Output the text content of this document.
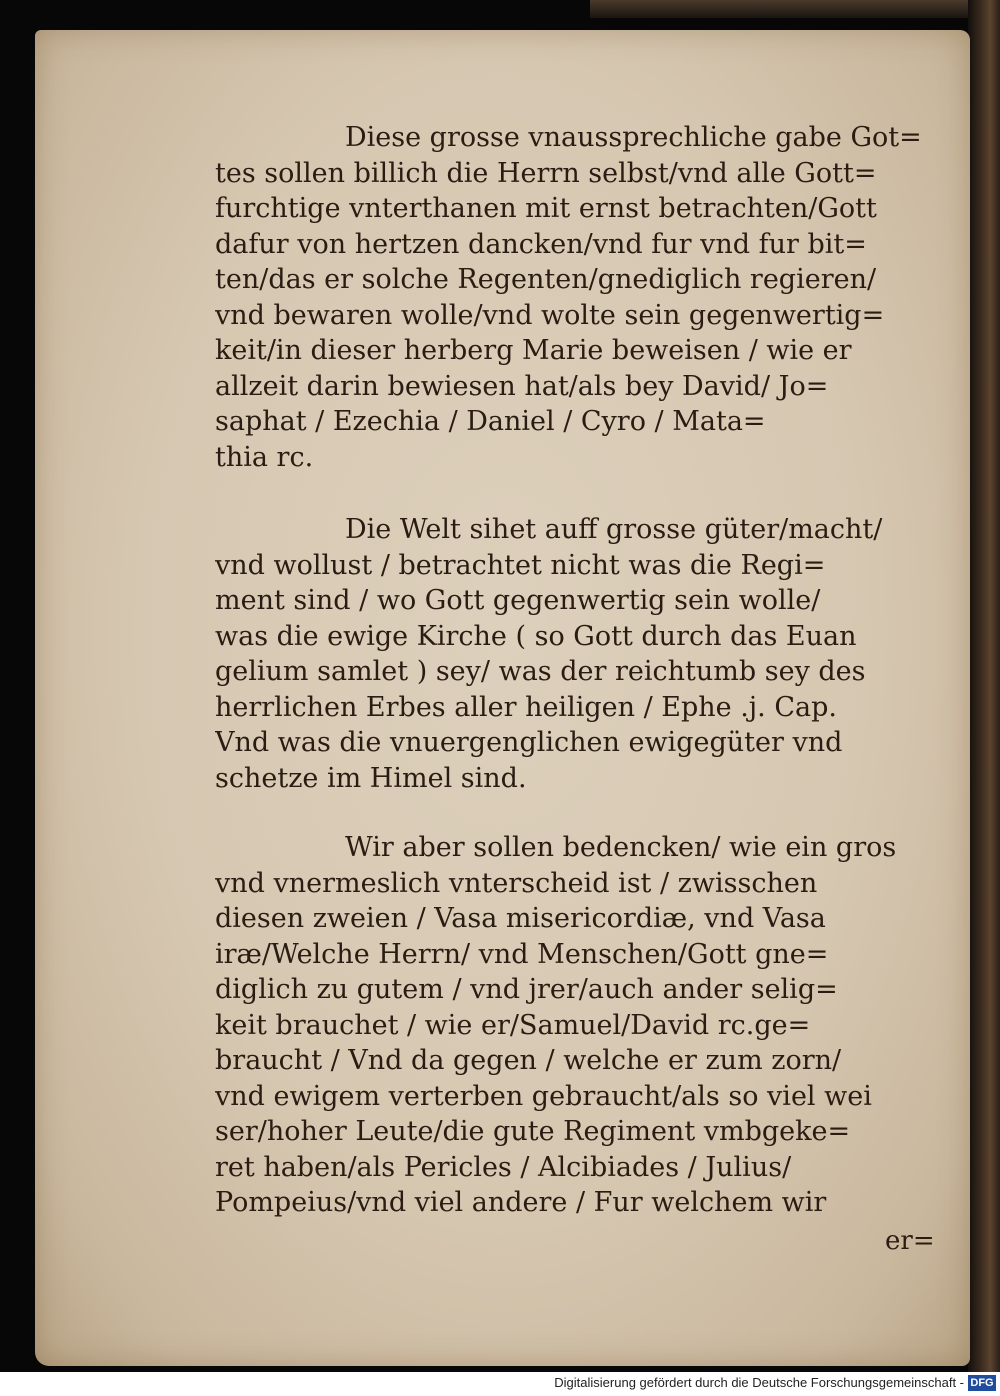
Diese grosse vnaussprechliche gabe Got=
tes sollen billich die Herrn selbst/vnd alle Gott=
furchtige vnterthanen mit ernst betrachten/Gott
dafur von hertzen dancken/vnd fur vnd fur bit=
ten/das er solche Regenten/gnediglich regieren/
vnd bewaren wolle/vnd wolte sein gegenwertig=
keit/in dieser herberg Marie beweisen / wie er
allzeit darin bewiesen hat/als bey David/ Jo=
saphat / Ezechia / Daniel / Cyro / Mata=
thia rc.
Die Welt sihet auff grosse güter/macht/
vnd wollust / betrachtet nicht was die Regi=
ment sind / wo Gott gegenwertig sein wolle/
was die ewige Kirche ( so Gott durch das Euan
gelium samlet ) sey/ was der reichtumb sey des
herrlichen Erbes aller heiligen / Ephe .j. Cap.
Vnd was die vnuergenglichen ewigegüter vnd
schetze im Himel sind.
Wir aber sollen bedencken/ wie ein gros
vnd vnermeslich vnterscheid ist / zwisschen
diesen zweien / Vasa misericordiæ, vnd Vasa
iræ/Welche Herrn/ vnd Menschen/Gott gne=
diglich zu gutem / vnd jrer/auch ander selig=
keit brauchet / wie er/Samuel/David rc.ge=
braucht / Vnd da gegen / welche er zum zorn/
vnd ewigem verterben gebraucht/als so viel wei
ser/hoher Leute/die gute Regiment vmbgeke=
ret haben/als Pericles / Alcibiades / Julius/
Pompeius/vnd viel andere / Fur welchem wir
er=
Digitalisierung gefördert durch die Deutsche Forschungsgemeinschaft - DFG
